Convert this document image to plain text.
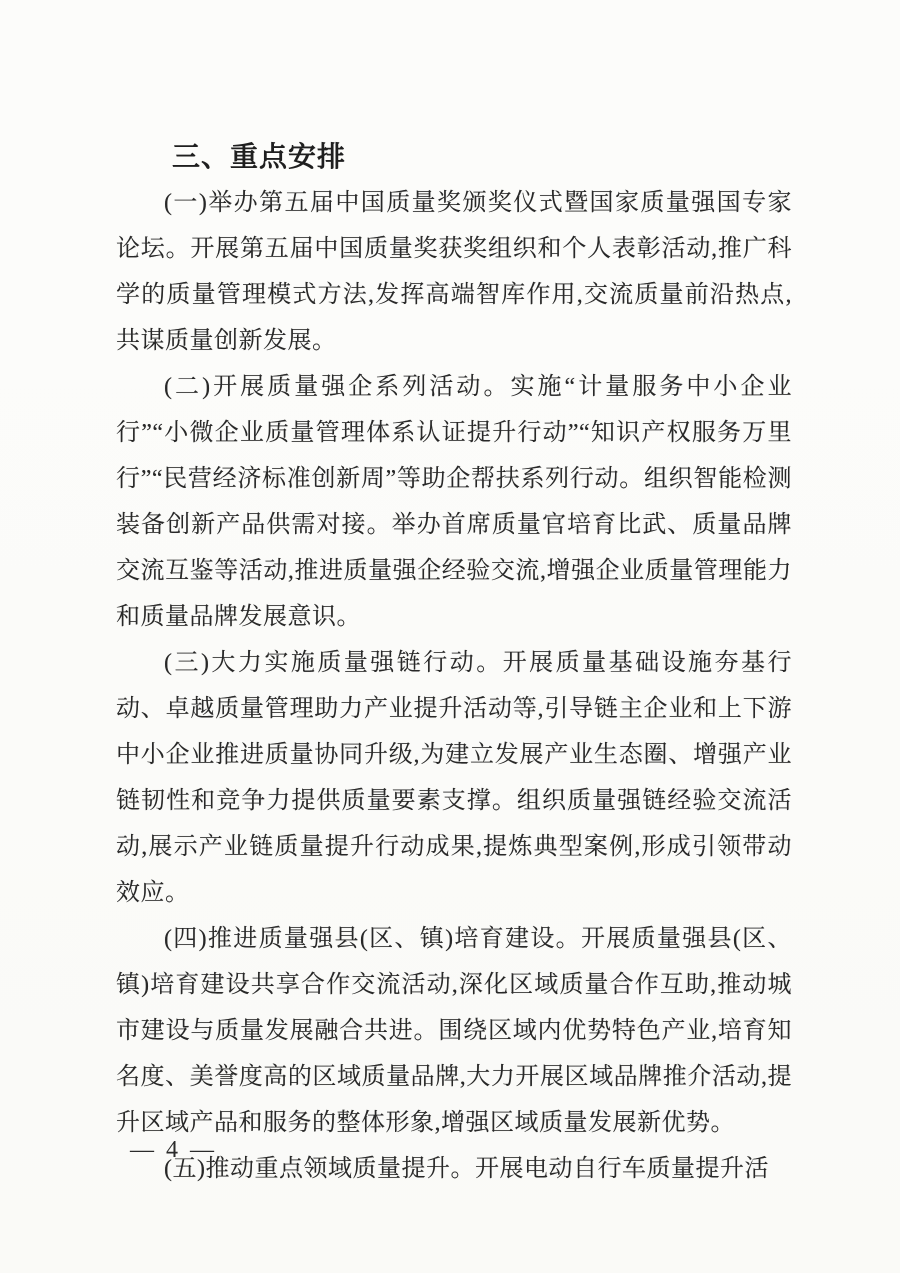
三、重点安排

(一)举办第五届中国质量奖颁奖仪式暨国家质量强国专家论坛。开展第五届中国质量奖获奖组织和个人表彰活动,推广科学的质量管理模式方法,发挥高端智库作用,交流质量前沿热点,共谋质量创新发展。

(二)开展质量强企系列活动。实施“计量服务中小企业行”“小微企业质量管理体系认证提升行动”“知识产权服务万里行”“民营经济标准创新周”等助企帮扶系列行动。组织智能检测装备创新产品供需对接。举办首席质量官培育比武、质量品牌交流互鉴等活动,推进质量强企经验交流,增强企业质量管理能力和质量品牌发展意识。

(三)大力实施质量强链行动。开展质量基础设施夯基行动、卓越质量管理助力产业提升活动等,引导链主企业和上下游中小企业推进质量协同升级,为建立发展产业生态圈、增强产业链韧性和竞争力提供质量要素支撑。组织质量强链经验交流活动,展示产业链质量提升行动成果,提炼典型案例,形成引领带动效应。

(四)推进质量强县(区、镇)培育建设。开展质量强县(区、镇)培育建设共享合作交流活动,深化区域质量合作互助,推动城市建设与质量发展融合共进。围绕区域内优势特色产业,培育知名度、美誉度高的区域质量品牌,大力开展区域品牌推介活动,提升区域产品和服务的整体形象,增强区域质量发展新优势。

(五)推动重点领域质量提升。开展电动自行车质量提升活

— 4 —
